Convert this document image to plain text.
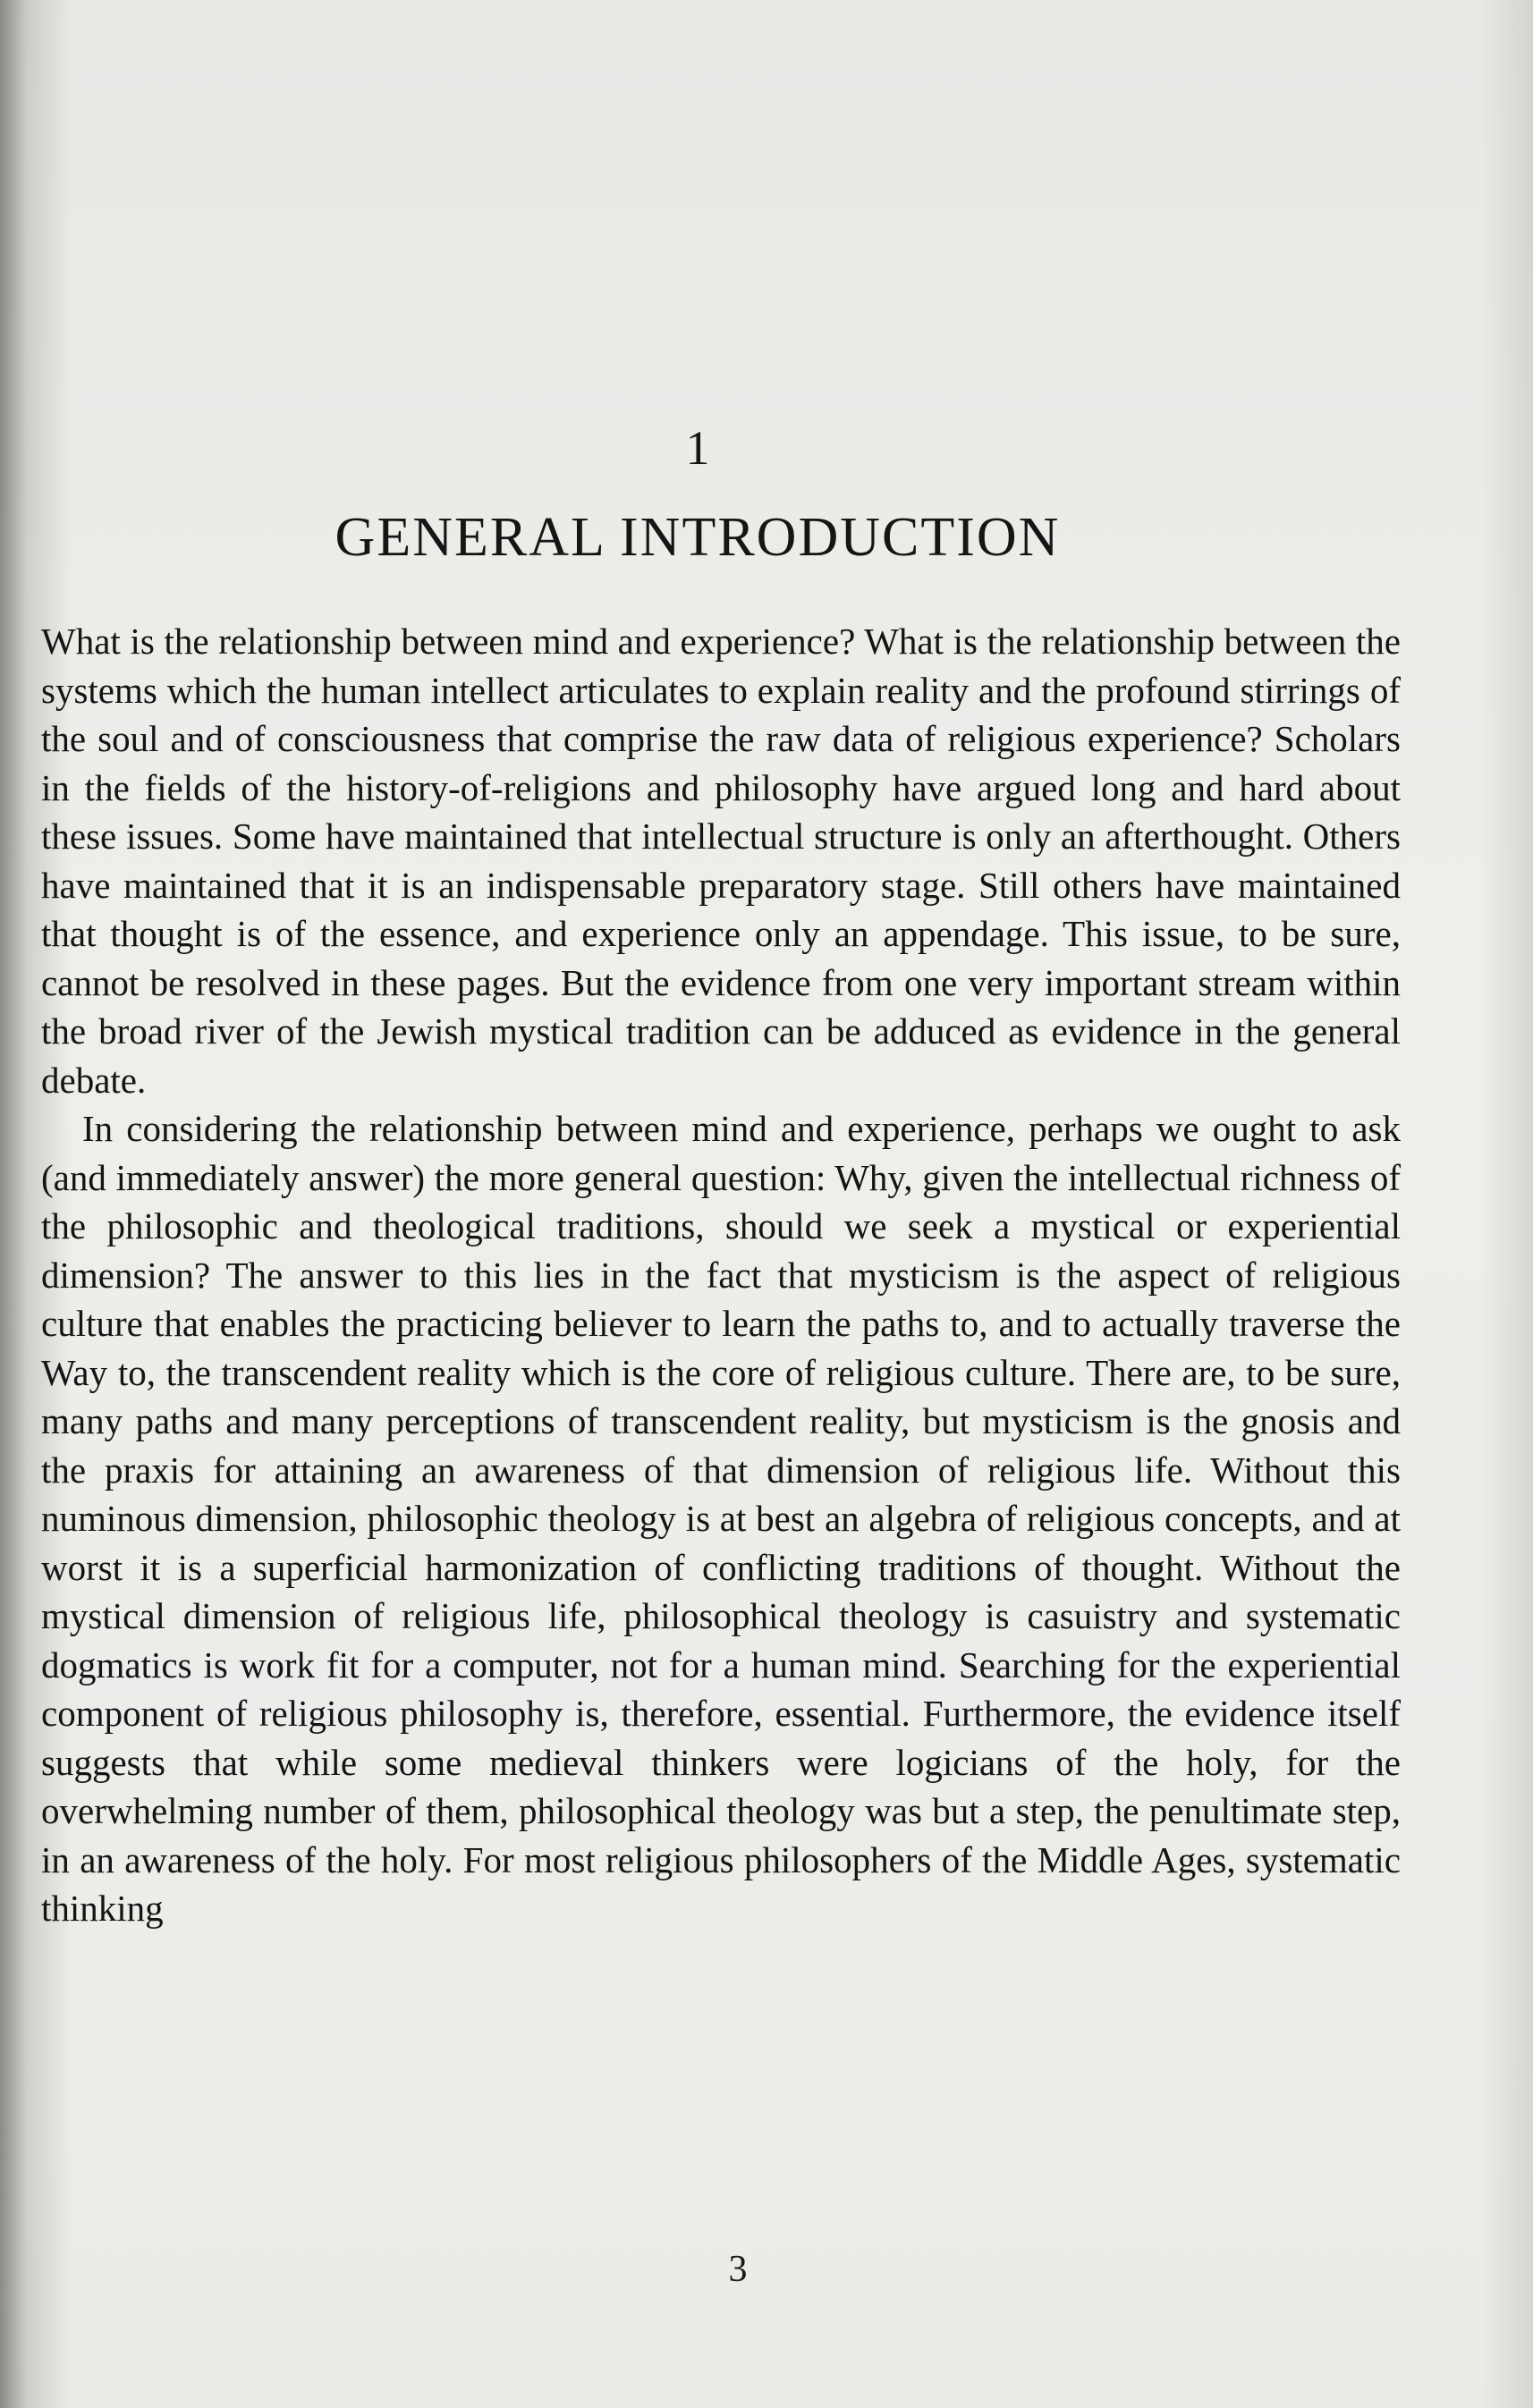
1
GENERAL INTRODUCTION

What is the relationship between mind and experience? What is the relationship between the systems which the human intellect articulates to explain reality and the profound stirrings of the soul and of consciousness that comprise the raw data of religious experience? Scholars in the fields of the history-of-religions and philosophy have argued long and hard about these issues. Some have maintained that intellectual structure is only an afterthought. Others have maintained that it is an indispensable preparatory stage. Still others have maintained that thought is of the essence, and experience only an appendage. This issue, to be sure, cannot be resolved in these pages. But the evidence from one very important stream within the broad river of the Jewish mystical tradition can be adduced as evidence in the general debate.

In considering the relationship between mind and experience, perhaps we ought to ask (and immediately answer) the more general question: Why, given the intellectual richness of the philosophic and theological traditions, should we seek a mystical or experiential dimension? The answer to this lies in the fact that mysticism is the aspect of religious culture that enables the practicing believer to learn the paths to, and to actually traverse the Way to, the transcendent reality which is the core of religious culture. There are, to be sure, many paths and many perceptions of transcendent reality, but mysticism is the gnosis and the praxis for attaining an awareness of that dimension of religious life. Without this numinous dimension, philosophic theology is at best an algebra of religious concepts, and at worst it is a superficial harmonization of conflicting traditions of thought. Without the mystical dimension of religious life, philosophical theology is casuistry and systematic dogmatics is work fit for a computer, not for a human mind. Searching for the experiential component of religious philosophy is, therefore, essential. Furthermore, the evidence itself suggests that while some medieval thinkers were logicians of the holy, for the overwhelming number of them, philosophical theology was but a step, the penultimate step, in an awareness of the holy. For most religious philosophers of the Middle Ages, systematic thinking

3
